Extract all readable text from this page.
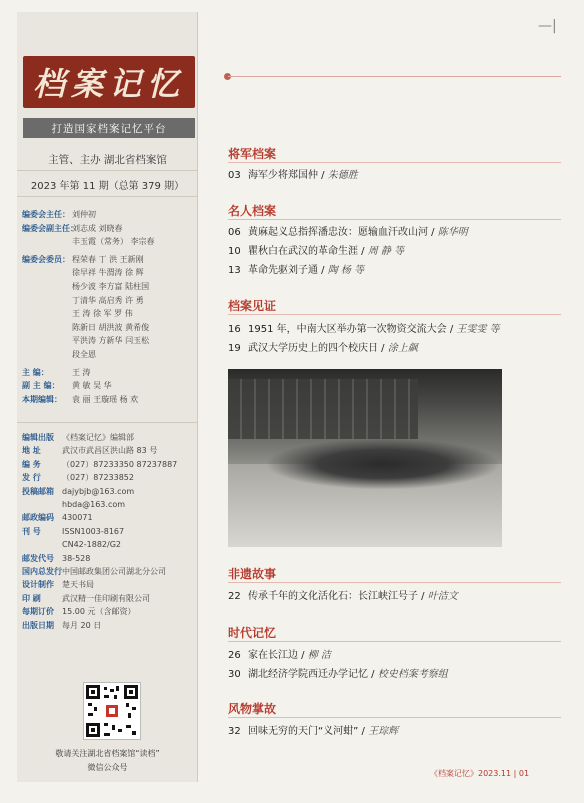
档案记忆
打造国家档案记忆平台
主管、主办 湖北省档案馆
2023 年第 11 期（总第 379 期）
编委会主任： 刘仲初
编委会副主任：
刘志成 刘晓春
丰玉霞（常务） 李宗春
编委会委员： 程荣春 丁 洪 王新刚
徐早祥 牛渭涛 徐 辉
杨少波 李方富 陆柱国
丁清华 高启秀 许 勇
王 涛 徐 军 罗 伟
陈新日 胡洪波 黄希俊
平洪涛 方新华 闫玉松
段全恩
主 编：	王 涛
副 主 编：	黄 敏 吴 华
本期编辑：	袁 丽 王璇瑶 杨 欢
编辑出版	《档案记忆》编辑部
地 址	武汉市武昌区洪山路 83 号
编 务	（027）87233350 87237887
发 行	（027）87233852
投稿邮箱	dajybjb@163.com
hbda@163.com
邮政编码	430071
刊 号	ISSN1003-8167
CN42-1882/G2
邮发代号	38-528
国内总发行 中国邮政集团公司湖北分公司
设计制作	楚天书局
印 刷	武汉精一佳印刷有限公司
每期订价	15.00 元（含邮资）
出版日期	每月 20 日
敬请关注湖北省档案馆“读档”
微信公众号
—|
将军档案
03 海军少将郑国仲 / 朱德胜
名人档案
06 黄麻起义总指挥潘忠汝：愿输血汗改山河 / 陈华明
10 瞿秋白在武汉的革命生涯 / 周 静 等
13 革命先驱刘子通 / 陶 杨 等
档案见证
16 1951 年，中南大区举办第一次物资交流大会 / 王雯雯 等
19 武汉大学历史上的四个校庆日 / 涂上飙
非遗故事
22 传承千年的文化活化石：长江峡江号子 / 叶洁文
时代记忆
26 家在长江边 / 柳 洁
30 湖北经济学院西迁办学记忆 / 校史档案考察组
风物掌故
32 回味无穷的天门“义河蚶” / 王琮辉
《档案记忆》2023.11 | 01
